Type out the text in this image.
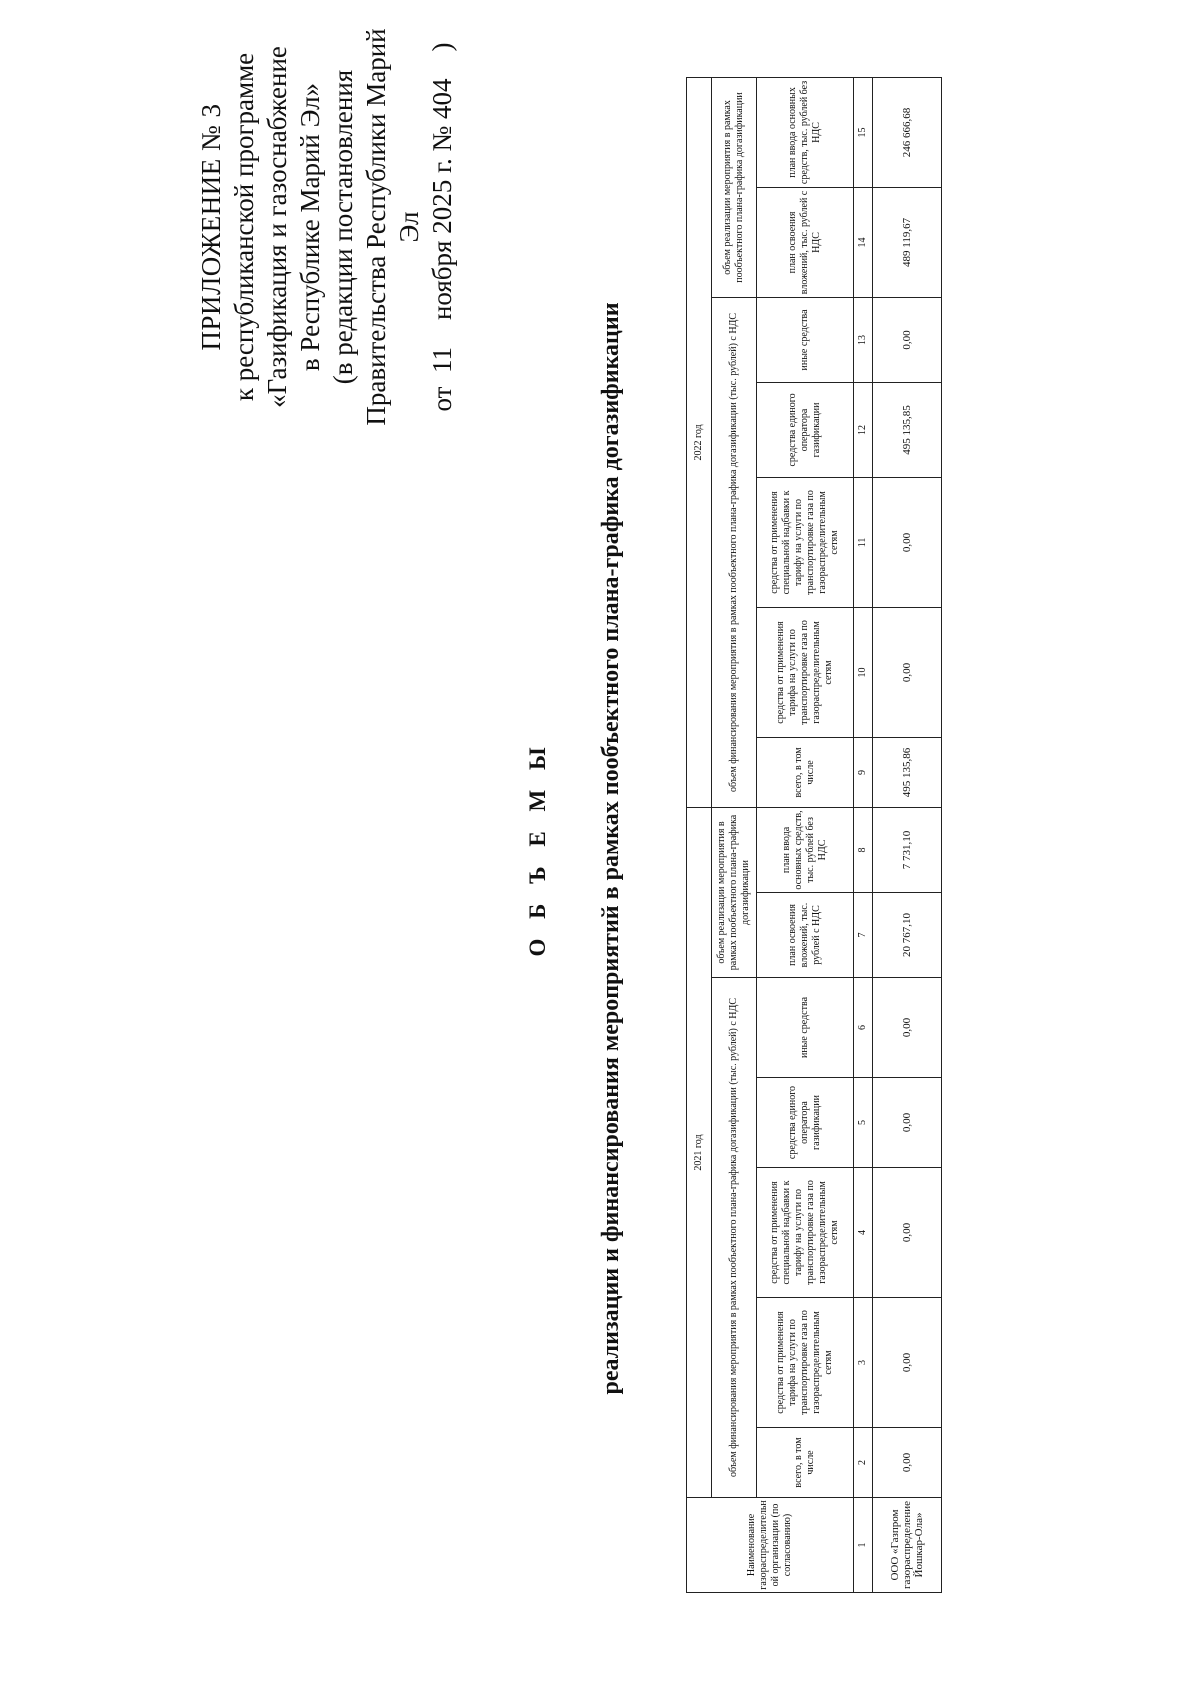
ПРИЛОЖЕНИЕ № 3 к республиканской программе «Газификация и газоснабжение в Республике Марий Эл» (в редакции постановления Правительства Республики Марий Эл от  11    ноября 2025 г. № 404    )
О Б Ъ Е М Ы реализации и финансирования мероприятий в рамках пообъектного плана-графика догазификации
Наименование газораспределительной организации (по согласованию)	2021 год							2022 год						
	объем финансирования мероприятия в рамках пообъектного плана-графика догазификации (тыс. рублей) с НДС					объем реализации мероприятия в рамках пообъектного плана-графика догазификации		объем финансирования мероприятия в рамках пообъектного плана-графика догазификации (тыс. рублей) с НДС					объем реализации мероприятия в рамках пообъектного плана-графика догазификации	
	всего, в том числе	средства от применения тарифа на услуги по транспортировке газа по газораспределительным сетям	средства от применения специальной надбавки к тарифу на услуги по транспортировке газа по газораспределительным сетям	средства единого оператора газификации	иные средства	план освоения вложений, тыс. рублей с НДС	план ввода основных средств, тыс. рублей без НДС	всего, в том числе	средства от применения тарифа на услуги по транспортировке газа по газораспределительным сетям	средства от применения специальной надбавки к тарифу на услуги по транспортировке газа по газораспределительным сетям	средства единого оператора газификации	иные средства	план освоения вложений, тыс. рублей с НДС	план ввода основных средств, тыс. рублей без НДС
1	2	3	4	5	6	7	8	9	10	11	12	13	14	15
ООО «Газпром газораспределение Йошкар-Ола»	0,00	0,00	0,00	0,00	0,00	20 767,10	7 731,10	495 135,86	0,00	0,00	495 135,85	0,00	489 119,67	246 666,68
